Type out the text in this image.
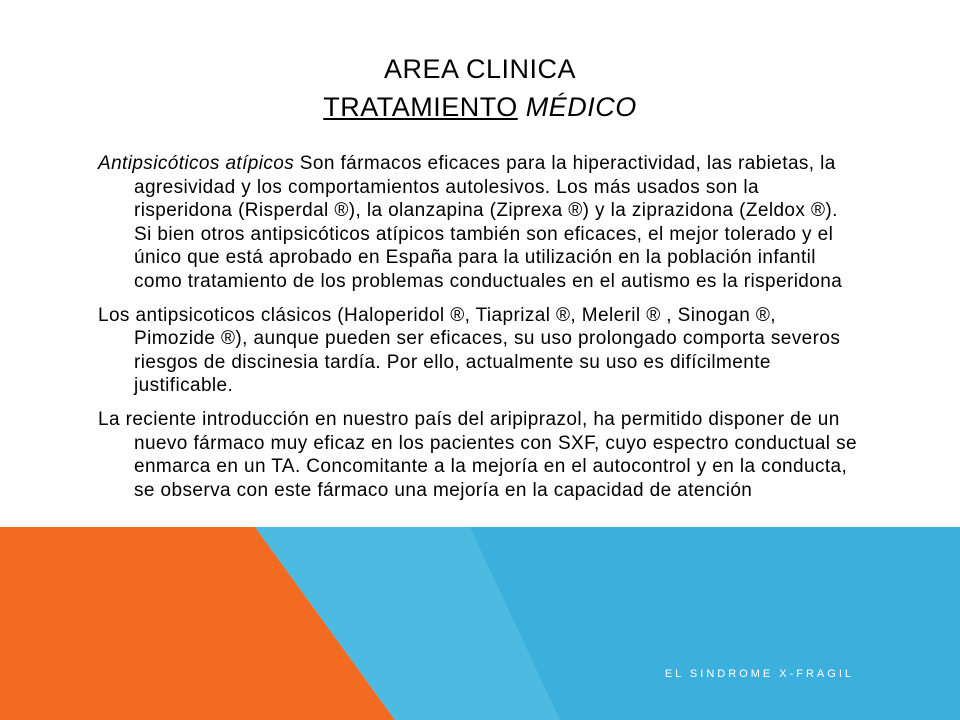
AREA CLINICA
TRATAMIENTO MÉDICO

Antipsicóticos atípicos Son fármacos eficaces para la hiperactividad, las rabietas, la agresividad y los comportamientos autolesivos. Los más usados son la risperidona (Risperdal ®), la olanzapina (Ziprexa ®) y la ziprazidona (Zeldox ®). Si bien otros antipsicóticos atípicos también son eficaces, el mejor tolerado y el único que está aprobado en España para la utilización en la población infantil como tratamiento de los problemas conductuales en el autismo es la risperidona

Los antipsicoticos clásicos (Haloperidol ®, Tiaprizal ®, Meleril ® , Sinogan ®, Pimozide ®), aunque pueden ser eficaces, su uso prolongado comporta severos riesgos de discinesia tardía. Por ello, actualmente su uso es difícilmente justificable.

La reciente introducción en nuestro país del aripiprazol, ha permitido disponer de un nuevo fármaco muy eficaz en los pacientes con SXF, cuyo espectro conductual se enmarca en un TA. Concomitante a la mejoría en el autocontrol y en la conducta, se observa con este fármaco una mejoría en la capacidad de atención

EL SINDROME X-FRAGIL
